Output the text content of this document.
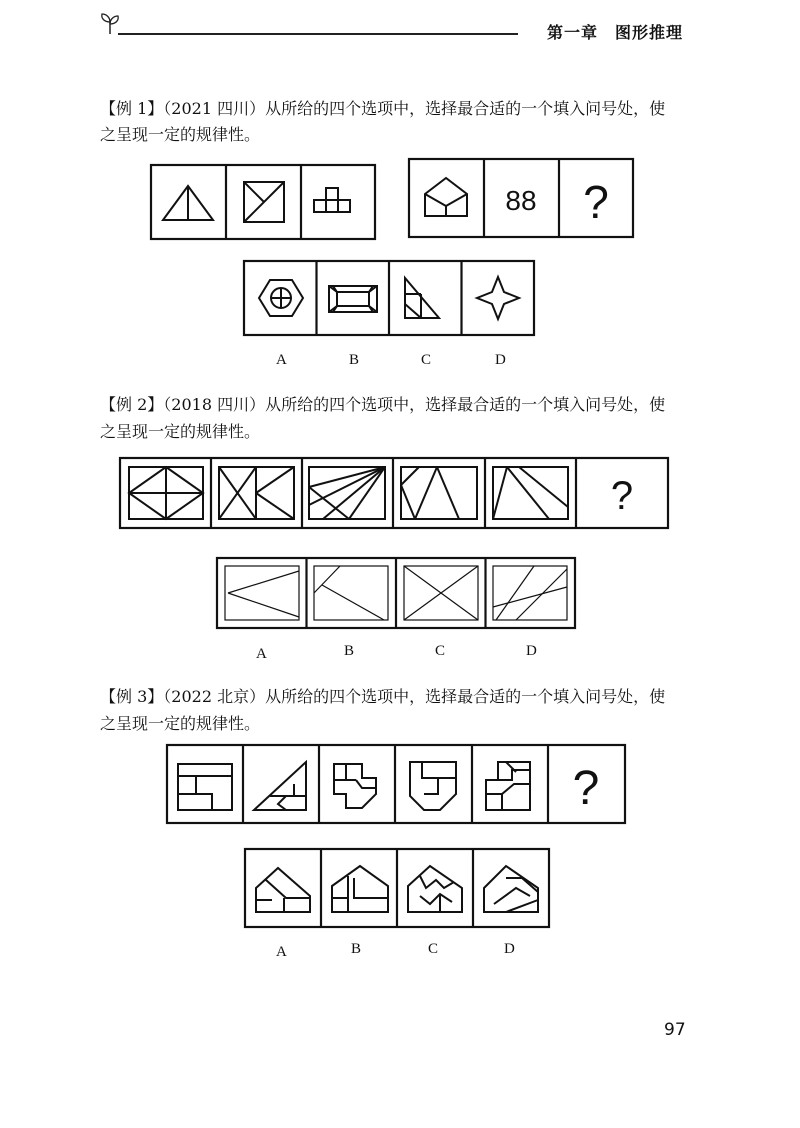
第一章　图形推理
【例 1】（2021 四川）从所给的四个选项中，选择最合适的一个填入问号处，使
之呈现一定的规律性。
88 ?
A	B	C	D
【例 2】（2018 四川）从所给的四个选项中，选择最合适的一个填入问号处，使
之呈现一定的规律性。
?
A	B	C	D
【例 3】（2022 北京）从所给的四个选项中，选择最合适的一个填入问号处，使
之呈现一定的规律性。
?
A	B	C	D
97
